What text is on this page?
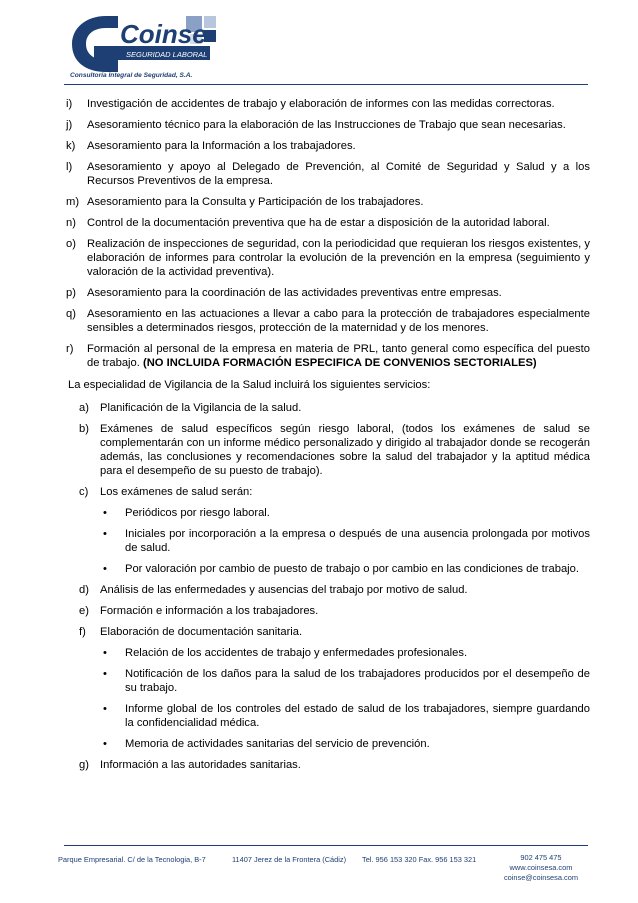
Coinse
SEGURIDAD LABORAL
Consultoría Integral de Seguridad, S.A.
i)	Investigación de accidentes de trabajo y elaboración de informes con las medidas correctoras.
j)	Asesoramiento técnico para la elaboración de las Instrucciones de Trabajo que sean necesarias.
k)	Asesoramiento para la Información a los trabajadores.
l)	Asesoramiento y apoyo al Delegado de Prevención, al Comité de Seguridad y Salud y a los Recursos Preventivos de la empresa.
m) Asesoramiento para la Consulta y Participación de los trabajadores.
n) Control de la documentación preventiva que ha de estar a disposición de la autoridad laboral.
o) Realización de inspecciones de seguridad, con la periodicidad que requieran los riesgos existentes, y elaboración de informes para controlar la evolución de la prevención en la empresa (seguimiento y valoración de la actividad preventiva).
p) Asesoramiento para la coordinación de las actividades preventivas entre empresas.
q) Asesoramiento en las actuaciones a llevar a cabo para la protección de trabajadores especialmente sensibles a determinados riesgos, protección de la maternidad y de los menores.
r)	Formación al personal de la empresa en materia de PRL, tanto general como específica del puesto de trabajo. (NO INCLUIDA FORMACIÓN ESPECIFICA DE CONVENIOS SECTORIALES)
La especialidad de Vigilancia de la Salud incluirá los siguientes servicios:
a) Planificación de la Vigilancia de la salud.
b) Exámenes de salud específicos según riesgo laboral, (todos los exámenes de salud se complementarán con un informe médico personalizado y dirigido al trabajador donde se recogerán además, las conclusiones y recomendaciones sobre la salud del trabajador y la aptitud médica para el desempeño de su puesto de trabajo).
c)	Los exámenes de salud serán:
•	Periódicos por riesgo laboral.
•	Iniciales por incorporación a la empresa o después de una ausencia prolongada por motivos de salud.
•	Por valoración por cambio de puesto de trabajo o por cambio en las condiciones de trabajo.
d) Análisis de las enfermedades y ausencias del trabajo por motivo de salud.
e) Formación e información a los trabajadores.
f)	Elaboración de documentación sanitaria.
•	Relación de los accidentes de trabajo y enfermedades profesionales.
•	Notificación de los daños para la salud de los trabajadores producidos por el desempeño de su trabajo.
•	Informe global de los controles del estado de salud de los trabajadores, siempre guardando la confidencialidad médica.
•	Memoria de actividades sanitarias del servicio de prevención.
g) Información a las autoridades sanitarias.
Parque Empresarial. C/ de la Tecnologia, B-7	11407 Jerez de la Frontera (Cádiz) Tel. 956 153 320 Fax. 956 153 321	902 475 475
www.coinsesa.com
coinse@coinsesa.com
